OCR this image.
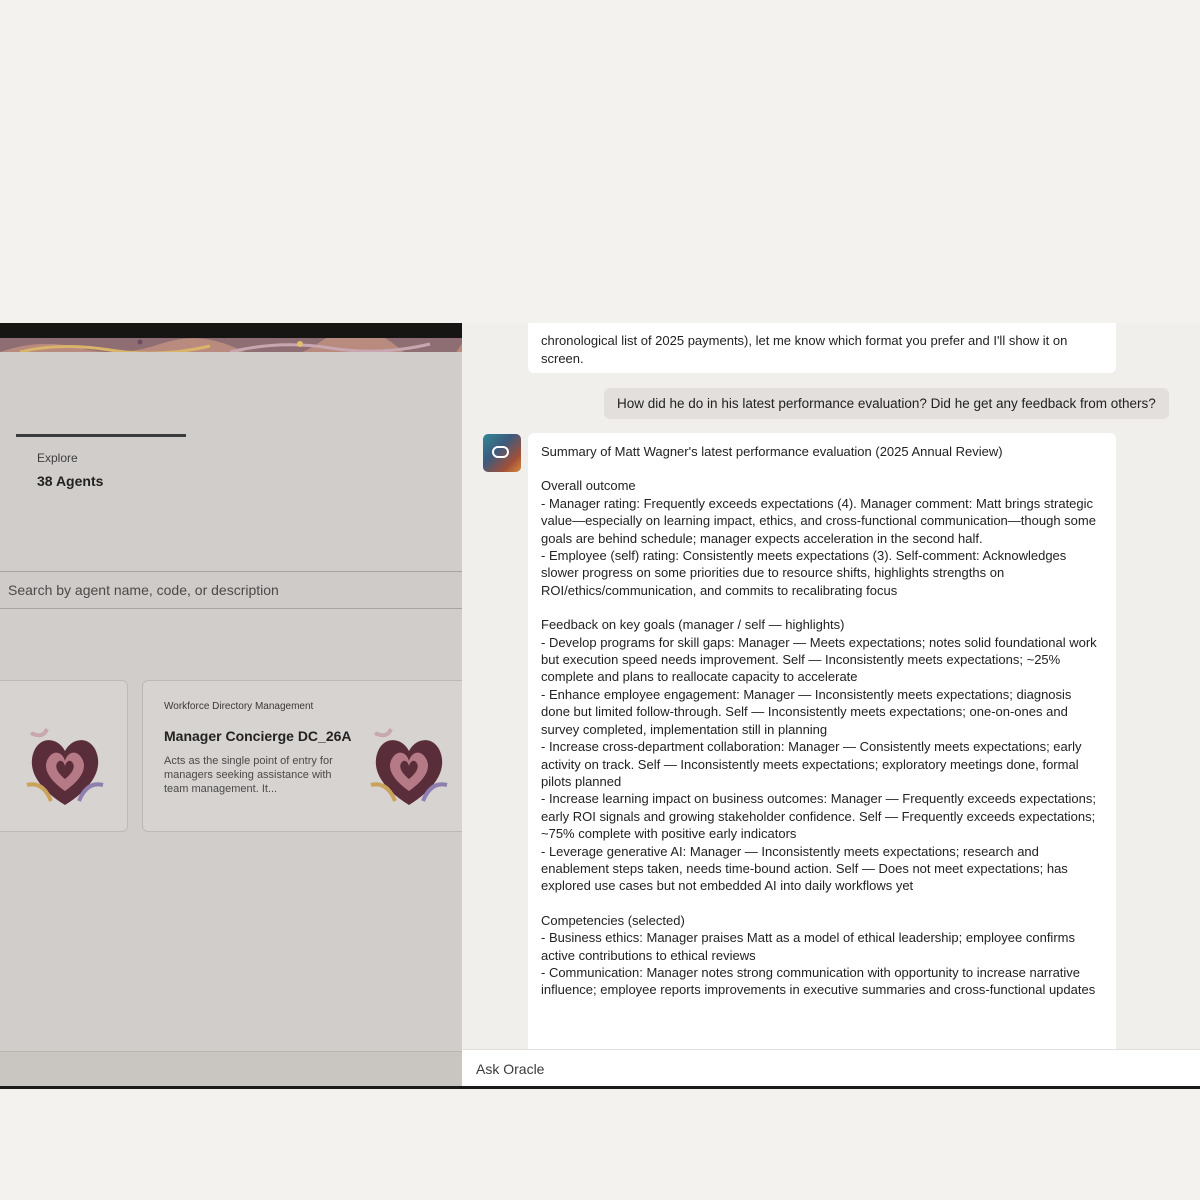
Explore
38 Agents
Search by agent name, code, or description
Workforce Directory Management
Manager Concierge DC_26A
Acts as the single point of entry for managers seeking assistance with team management. It...
chronological list of 2025 payments), let me know which format you prefer and I'll show it on screen.
How did he do in his latest performance evaluation? Did he get any feedback from others?
Summary of Matt Wagner's latest performance evaluation (2025 Annual Review)
Overall outcome
- Manager rating: Frequently exceeds expectations (4). Manager comment: Matt brings strategic value—especially on learning impact, ethics, and cross-functional communication—though some goals are behind schedule; manager expects acceleration in the second half.
- Employee (self) rating: Consistently meets expectations (3). Self-comment: Acknowledges slower progress on some priorities due to resource shifts, highlights strengths on ROI/ethics/communication, and commits to recalibrating focus
Feedback on key goals (manager / self — highlights)
- Develop programs for skill gaps: Manager — Meets expectations; notes solid foundational work but execution speed needs improvement. Self — Inconsistently meets expectations; ~25% complete and plans to reallocate capacity to accelerate
- Enhance employee engagement: Manager — Inconsistently meets expectations; diagnosis done but limited follow-through. Self — Inconsistently meets expectations; one-on-ones and survey completed, implementation still in planning
- Increase cross-department collaboration: Manager — Consistently meets expectations; early activity on track. Self — Inconsistently meets expectations; exploratory meetings done, formal pilots planned
- Increase learning impact on business outcomes: Manager — Frequently exceeds expectations; early ROI signals and growing stakeholder confidence. Self — Frequently exceeds expectations; ~75% complete with positive early indicators
- Leverage generative AI: Manager — Inconsistently meets expectations; research and enablement steps taken, needs time-bound action. Self — Does not meet expectations; has explored use cases but not embedded AI into daily workflows yet
Competencies (selected)
- Business ethics: Manager praises Matt as a model of ethical leadership; employee confirms active contributions to ethical reviews
- Communication: Manager notes strong communication with opportunity to increase narrative influence; employee reports improvements in executive summaries and cross-functional updates
Ask Oracle
